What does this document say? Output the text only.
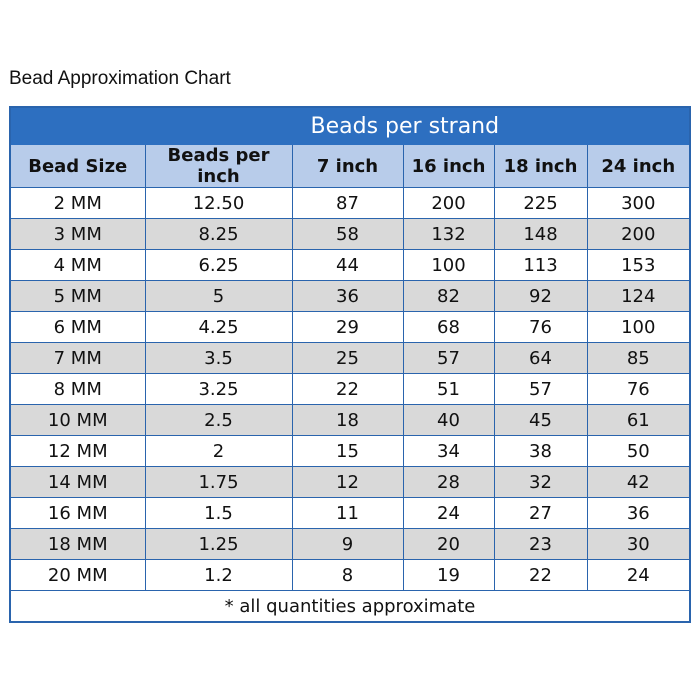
Bead Approximation Chart
		Beads per strand			
Bead Size	Beads per inch	7 inch	16 inch	18 inch	24 inch
2 MM	12.50	87	200	225	300
3 MM	8.25	58	132	148	200
4 MM	6.25	44	100	113	153
5 MM	5	36	82	92	124
6 MM	4.25	29	68	76	100
7 MM	3.5	25	57	64	85
8 MM	3.25	22	51	57	76
10 MM	2.5	18	40	45	61
12 MM	2	15	34	38	50
14 MM	1.75	12	28	32	42
16 MM	1.5	11	24	27	36
18 MM	1.25	9	20	23	30
20 MM	1.2	8	19	22	24
* all quantities approximate					
